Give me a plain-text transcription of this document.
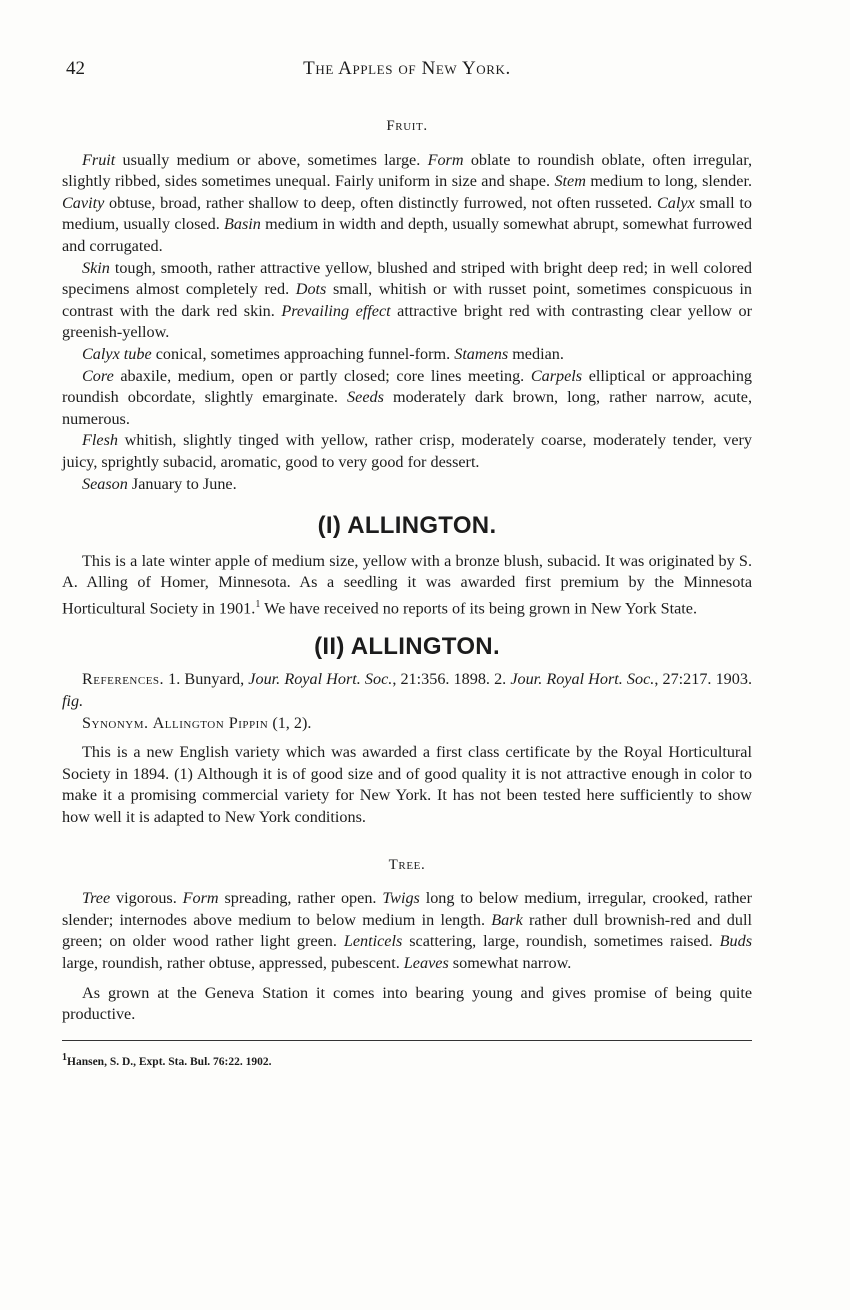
42	The Apples of New York.
Fruit.

Fruit usually medium or above, sometimes large. Form oblate to roundish oblate, often irregular, slightly ribbed, sides sometimes unequal. Fairly uniform in size and shape. Stem medium to long, slender. Cavity obtuse, broad, rather shallow to deep, often distinctly furrowed, not often russeted. Calyx small to medium, usually closed. Basin medium in width and depth, usually somewhat abrupt, somewhat furrowed and corrugated.

Skin tough, smooth, rather attractive yellow, blushed and striped with bright deep red; in well colored specimens almost completely red. Dots small, whitish or with russet point, sometimes conspicuous in contrast with the dark red skin. Prevailing effect attractive bright red with contrasting clear yellow or greenish-yellow.

Calyx tube conical, sometimes approaching funnel-form. Stamens median.

Core abaxile, medium, open or partly closed; core lines meeting. Carpels elliptical or approaching roundish obcordate, slightly emarginate. Seeds moderately dark brown, long, rather narrow, acute, numerous.

Flesh whitish, slightly tinged with yellow, rather crisp, moderately coarse, moderately tender, very juicy, sprightly subacid, aromatic, good to very good for dessert.

Season January to June.

(I) ALLINGTON.

This is a late winter apple of medium size, yellow with a bronze blush, subacid. It was originated by S. A. Alling of Homer, Minnesota. As a seedling it was awarded first premium by the Minnesota Horticultural Society in 1901.$^1$ We have received no reports of its being grown in New York State.

(II) ALLINGTON.

References. 1. Bunyard, Jour. Royal Hort. Soc., 21:356. 1898. 2. Jour. Royal Hort. Soc., 27:217. 1903. fig.

Synonym. Allington Pippin (1, 2).

This is a new English variety which was awarded a first class certificate by the Royal Horticultural Society in 1894. (1) Although it is of good size and of good quality it is not attractive enough in color to make it a promising commercial variety for New York. It has not been tested here sufficiently to show how well it is adapted to New York conditions.

Tree.

Tree vigorous. Form spreading, rather open. Twigs long to below medium, irregular, crooked, rather slender; internodes above medium to below medium in length. Bark rather dull brownish-red and dull green; on older wood rather light green. Lenticels scattering, large, roundish, sometimes raised. Buds large, roundish, rather obtuse, appressed, pubescent. Leaves somewhat narrow.

As grown at the Geneva Station it comes into bearing young and gives promise of being quite productive.

$^1$Hansen, S. D., Expt. Sta. Bul. 76:22. 1902.
